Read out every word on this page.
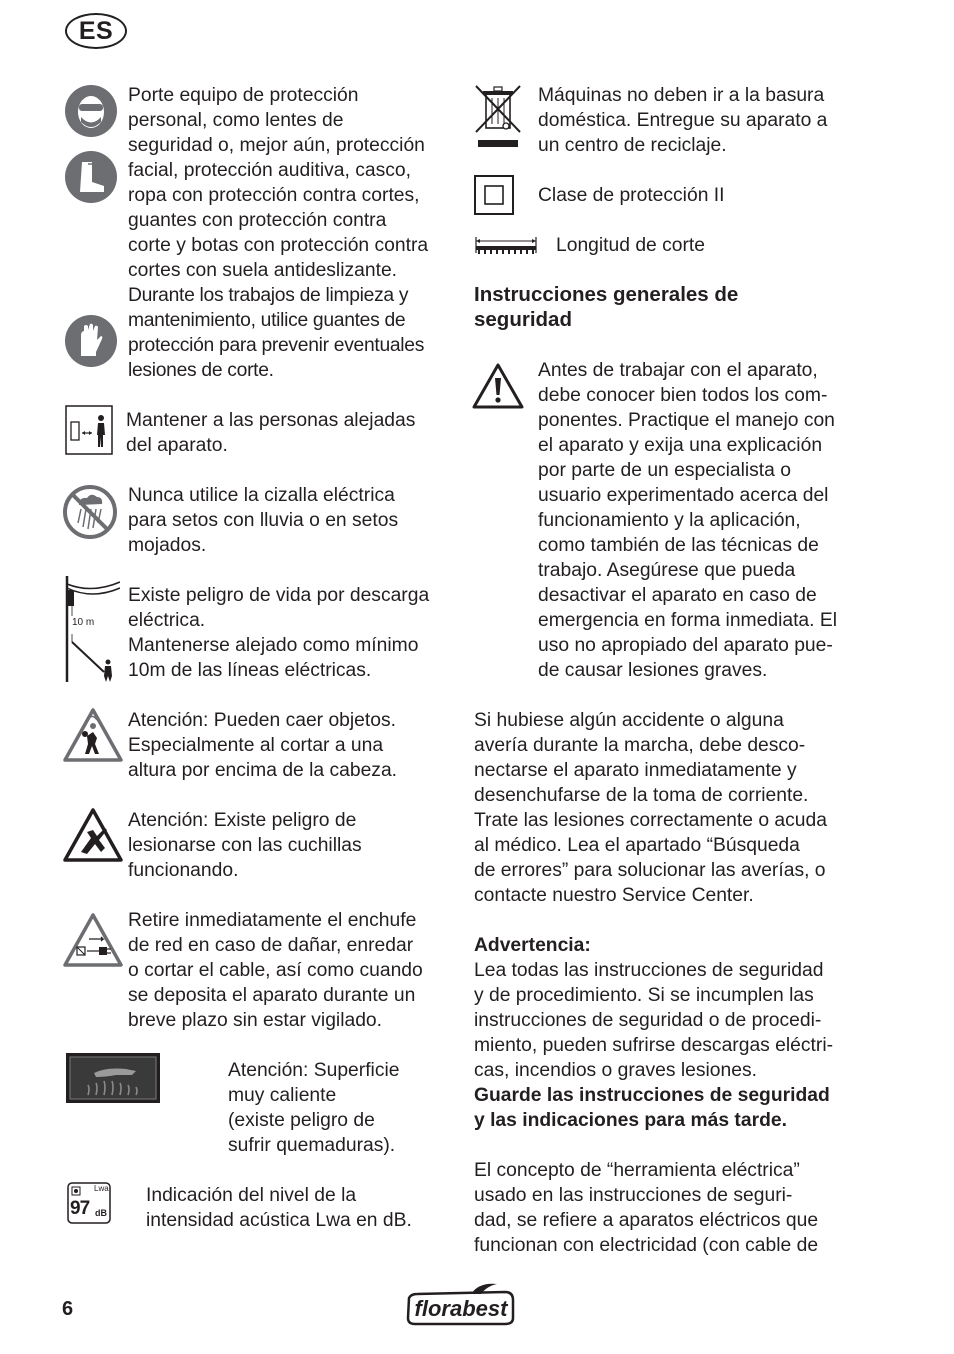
ES
Porte equipo de protección
personal, como lentes de
seguridad o, mejor aún, protección
facial, protección auditiva, casco,
ropa con protección contra cortes,
guantes con protección contra
corte y botas con protección contra
cortes con suela antideslizante.
Durante los trabajos de limpieza y
mantenimiento, utilice guantes de
protección para prevenir eventuales
lesiones de corte.
Mantener a las personas alejadas
del aparato.
Nunca utilice la cizalla eléctrica
para setos con lluvia o en setos
mojados.
10 m
Existe peligro de vida por descarga
eléctrica.
Mantenerse alejado como mínimo
10m de las líneas eléctricas.
Atención: Pueden caer objetos.
Especialmente al cortar a una
altura por encima de la cabeza.
Atención: Existe peligro de
lesionarse con las cuchillas
funcionando.
Retire inmediatamente el enchufe
de red en caso de dañar, enredar
o cortar el cable, así como cuando
se deposita el aparato durante un
breve plazo sin estar vigilado.
Atención: Superficie
muy caliente
(existe peligro de
sufrir quemaduras).
Lwa
97 dB
Indicación del nivel de la
intensidad acústica Lwa en dB.
Máquinas no deben ir a la basura
doméstica. Entregue su aparato a
un centro de reciclaje.
Clase de protección II
Longitud de corte
Instrucciones generales de
seguridad
Antes de trabajar con el aparato,
debe conocer bien todos los com-
ponentes. Practique el manejo con
el aparato y exija una explicación
por parte de un especialista o
usuario experimentado acerca del
funcionamiento y la aplicación,
como también de las técnicas de
trabajo. Asegúrese que pueda
desactivar el aparato en caso de
emergencia en forma inmediata. El
uso no apropiado del aparato pue-
de causar lesiones graves.
Si hubiese algún accidente o alguna
avería durante la marcha, debe desco-
nectarse el aparato inmediatamente y
desenchufarse de la toma de corriente.
Trate las lesiones correctamente o acuda
al médico. Lea el apartado “Búsqueda
de errores” para solucionar las averías, o
contacte nuestro Service Center.
Advertencia:
Lea todas las instrucciones de seguridad
y de procedimiento. Si se incumplen las
instrucciones de seguridad o de procedi-
miento, pueden sufrirse descargas eléctri-
cas, incendios o graves lesiones.
Guarde las instrucciones de seguridad
y las indicaciones para más tarde.
El concepto de “herramienta eléctrica”
usado en las instrucciones de seguri-
dad, se refiere a aparatos eléctricos que
funcionan con electricidad (con cable de
6	florabest
